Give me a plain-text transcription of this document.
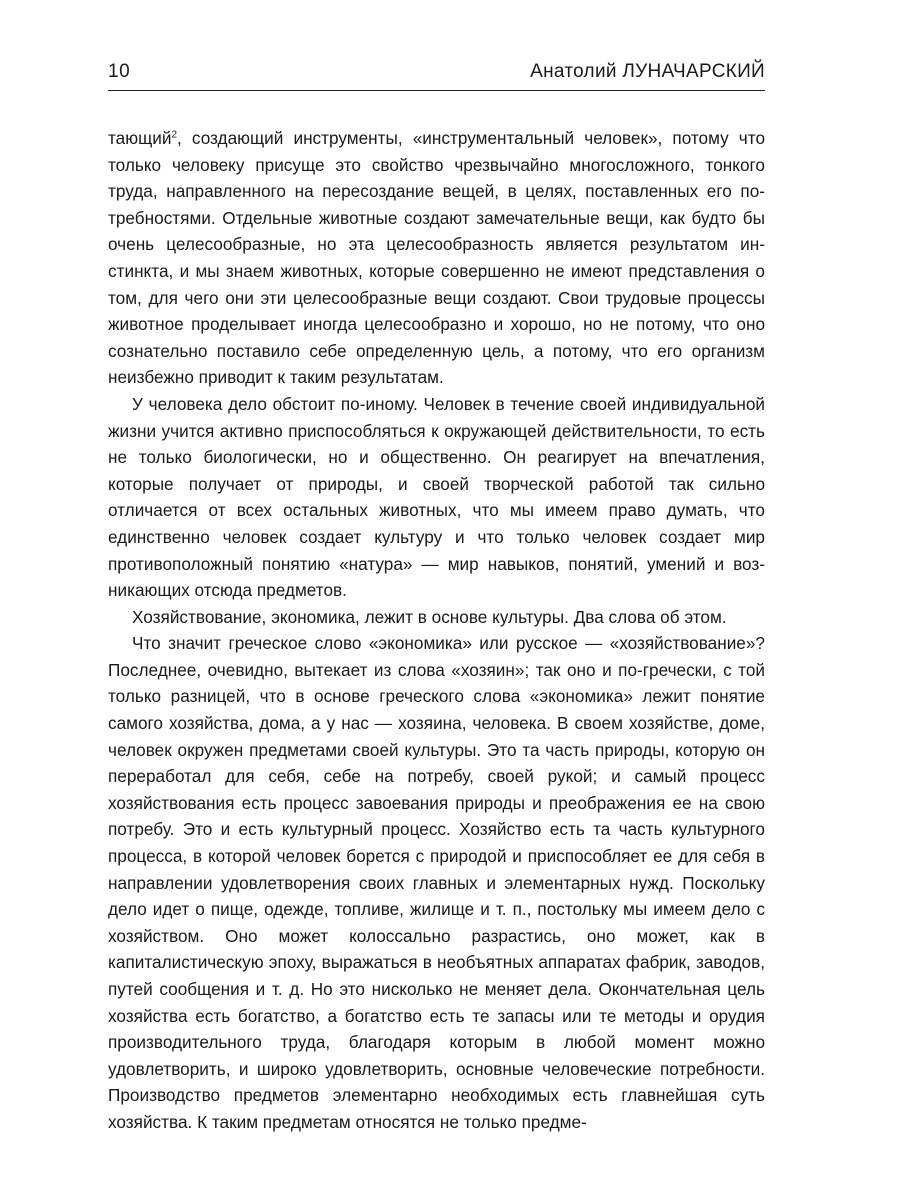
10	Анатолий ЛУНАЧАРСКИЙ

тающий$^2$, создающий инструменты, «инструментальный человек», потому что только человеку присуще это свойство чрезвычайно многосложного, тонкого труда, направленного на пересоздание вещей, в целях, поставленных его потребностями. Отдельные животные создают замечательные вещи, как будто бы очень целесообразные, но эта целесообразность является результатом инстинкта, и мы знаем животных, которые совершенно не имеют представления о том, для чего они эти целесообразные вещи создают. Свои трудовые процессы животное проделывает иногда целесообразно и хорошо, но не потому, что оно сознательно поставило себе определенную цель, а потому, что его организм неизбежно приводит к таким результатам.

У человека дело обстоит по-иному. Человек в течение своей индивидуальной жизни учится активно приспособляться к окружающей действительности, то есть не только биологически, но и общественно. Он реагирует на впечатления, которые получает от природы, и своей творческой работой так сильно отличается от всех остальных животных, что мы имеем право думать, что единственно человек создает культуру и что только человек создает мир противоположный понятию «натура» — мир навыков, понятий, умений и возникающих отсюда предметов.

Хозяйствование, экономика, лежит в основе культуры. Два слова об этом.

Что значит греческое слово «экономика» или русское — «хозяйствование»? Последнее, очевидно, вытекает из слова «хозяин»; так оно и по-гречески, с той только разницей, что в основе греческого слова «экономика» лежит понятие самого хозяйства, дома, а у нас — хозяина, человека. В своем хозяйстве, доме, человек окружен предметами своей культуры. Это та часть природы, которую он переработал для себя, себе на потребу, своей рукой; и самый процесс хозяйствования есть процесс завоевания природы и преображения ее на свою потребу. Это и есть культурный процесс. Хозяйство есть та часть культурного процесса, в которой человек борется с природой и приспособляет ее для себя в направлении удовлетворения своих главных и элементарных нужд. Поскольку дело идет о пище, одежде, топливе, жилище и т. п., постольку мы имеем дело с хозяйством. Оно может колоссально разрастись, оно может, как в капиталистическую эпоху, выражаться в необъятных аппаратах фабрик, заводов, путей сообщения и т. д. Но это нисколько не меняет дела. Окончательная цель хозяйства есть богатство, а богатство есть те запасы или те методы и орудия производительного труда, благодаря которым в любой момент можно удовлетворить, и широко удовлетворить, основные человеческие потребности. Производство предметов элементарно необходимых есть главнейшая суть хозяйства. К таким предметам относятся не только предме-
